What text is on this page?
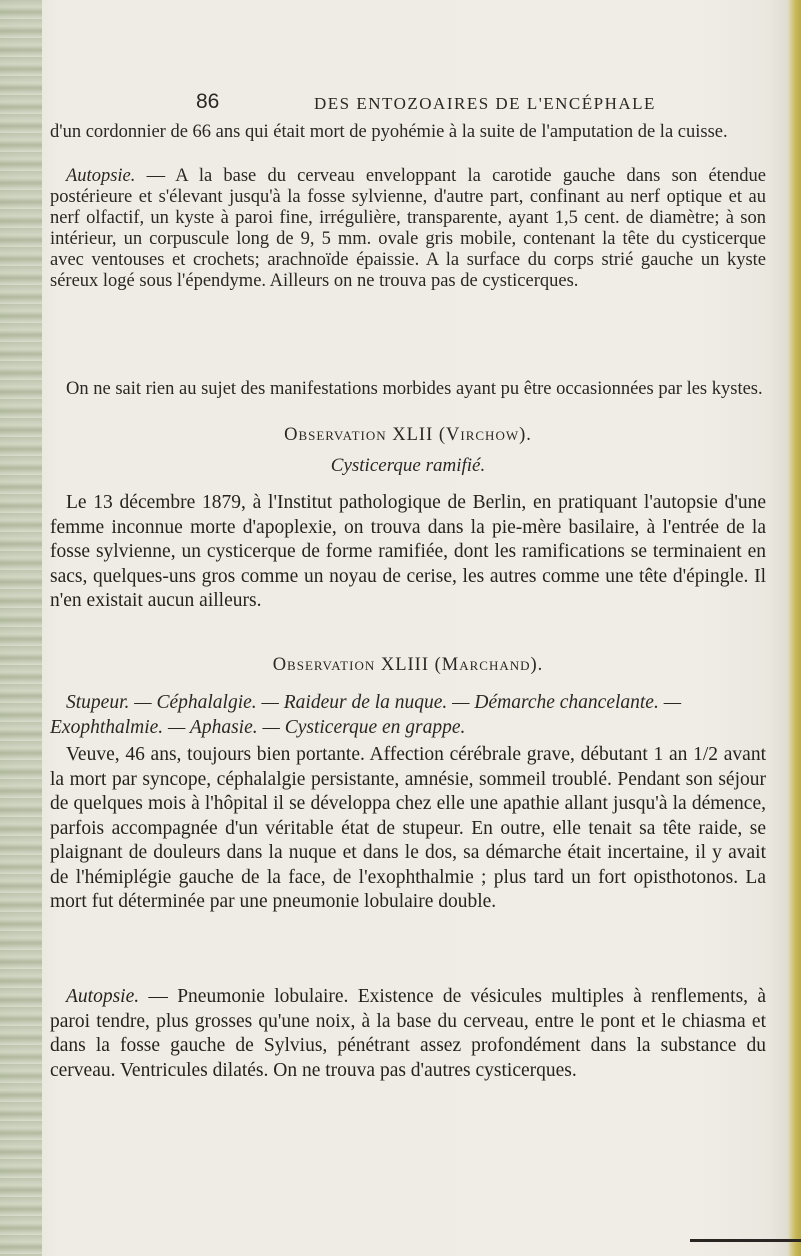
86	DES ENTOZOAIRES DE L'ENCÉPHALE

d'un cordonnier de 66 ans qui était mort de pyohémie à la suite de l'amputation de la cuisse.

Autopsie. — A la base du cerveau enveloppant la carotide gauche dans son étendue postérieure et s'élevant jusqu'à la fosse sylvienne, d'autre part, confinant au nerf optique et au nerf olfactif, un kyste à paroi fine, irrégulière, transparente, ayant 1,5 cent. de diamètre; à son intérieur, un corpuscule long de 9, 5 mm. ovale gris mobile, contenant la tête du cysticerque avec ventouses et crochets; arachnoïde épaissie. A la surface du corps strié gauche un kyste séreux logé sous l'épendyme. Ailleurs on ne trouva pas de cysticerques.

On ne sait rien au sujet des manifestations morbides ayant pu être occasionnées par les kystes.

Observation XLII (Virchow).

Cysticerque ramifié.

Le 13 décembre 1879, à l'Institut pathologique de Berlin, en pratiquant l'autopsie d'une femme inconnue morte d'apoplexie, on trouva dans la pie-mère basilaire, à l'entrée de la fosse sylvienne, un cysticerque de forme ramifiée, dont les ramifications se terminaient en sacs, quelques-uns gros comme un noyau de cerise, les autres comme une tête d'épingle. Il n'en existait aucun ailleurs.

Observation XLIII (Marchand).

Stupeur. — Céphalalgie. — Raideur de la nuque. — Démarche chancelante. — Exophthalmie. — Aphasie. — Cysticerque en grappe.

Veuve, 46 ans, toujours bien portante. Affection cérébrale grave, débutant 1 an 1/2 avant la mort par syncope, céphalalgie persistante, amnésie, sommeil troublé. Pendant son séjour de quelques mois à l'hôpital il se développa chez elle une apathie allant jusqu'à la démence, parfois accompagnée d'un véritable état de stupeur. En outre, elle tenait sa tête raide, se plaignant de douleurs dans la nuque et dans le dos, sa démarche était incertaine, il y avait de l'hémiplégie gauche de la face, de l'exophthalmie ; plus tard un fort opisthotonos. La mort fut déterminée par une pneumonie lobulaire double.

Autopsie. — Pneumonie lobulaire. Existence de vésicules multiples à renflements, à paroi tendre, plus grosses qu'une noix, à la base du cerveau, entre le pont et le chiasma et dans la fosse gauche de Sylvius, pénétrant assez profondément dans la substance du cerveau. Ventricules dilatés. On ne trouva pas d'autres cysticerques.
